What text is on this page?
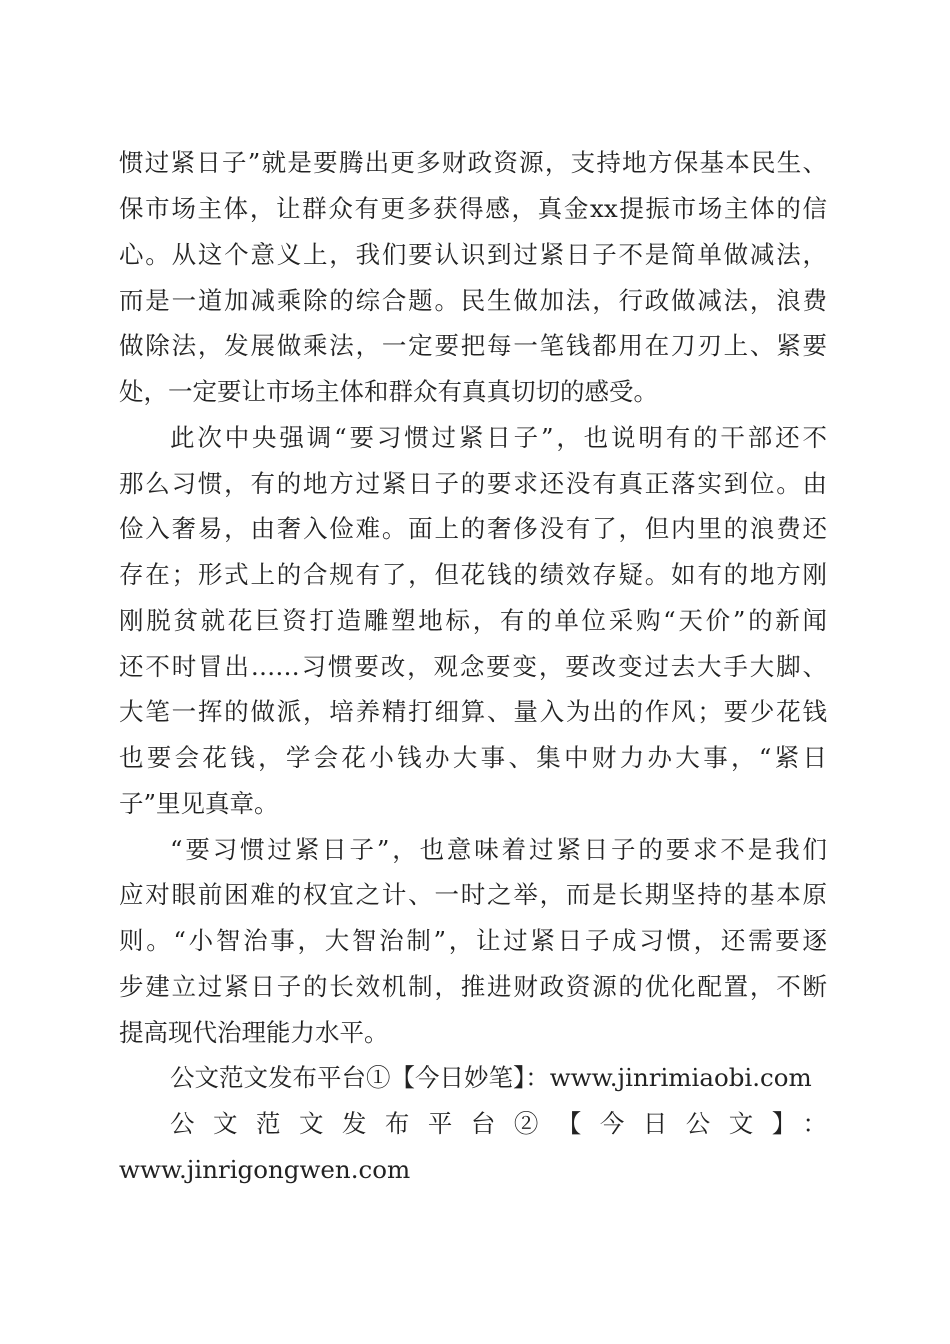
惯过紧日子”就是要腾出更多财政资源，支持地方保基本民生、
保市场主体，让群众有更多获得感，真金xx提振市场主体的信
心。从这个意义上，我们要认识到过紧日子不是简单做减法，
而是一道加减乘除的综合题。民生做加法，行政做减法，浪费
做除法，发展做乘法，一定要把每一笔钱都用在刀刃上、紧要
处，一定要让市场主体和群众有真真切切的感受。
此次中央强调“要习惯过紧日子”，也说明有的干部还不
那么习惯，有的地方过紧日子的要求还没有真正落实到位。由
俭入奢易，由奢入俭难。面上的奢侈没有了，但内里的浪费还
存在；形式上的合规有了，但花钱的绩效存疑。如有的地方刚
刚脱贫就花巨资打造雕塑地标，有的单位采购“天价”的新闻
还不时冒出……习惯要改，观念要变，要改变过去大手大脚、
大笔一挥的做派，培养精打细算、量入为出的作风；要少花钱
也要会花钱，学会花小钱办大事、集中财力办大事，“紧日
子”里见真章。
“要习惯过紧日子”，也意味着过紧日子的要求不是我们
应对眼前困难的权宜之计、一时之举，而是长期坚持的基本原
则。“小智治事，大智治制”，让过紧日子成习惯，还需要逐
步建立过紧日子的长效机制，推进财政资源的优化配置，不断
提高现代治理能力水平。
公文范文发布平台①【今日妙笔】：www.jinrimiaobi.com
公文范文发布平台②【今日公文】：
www.jinrigongwen.com
